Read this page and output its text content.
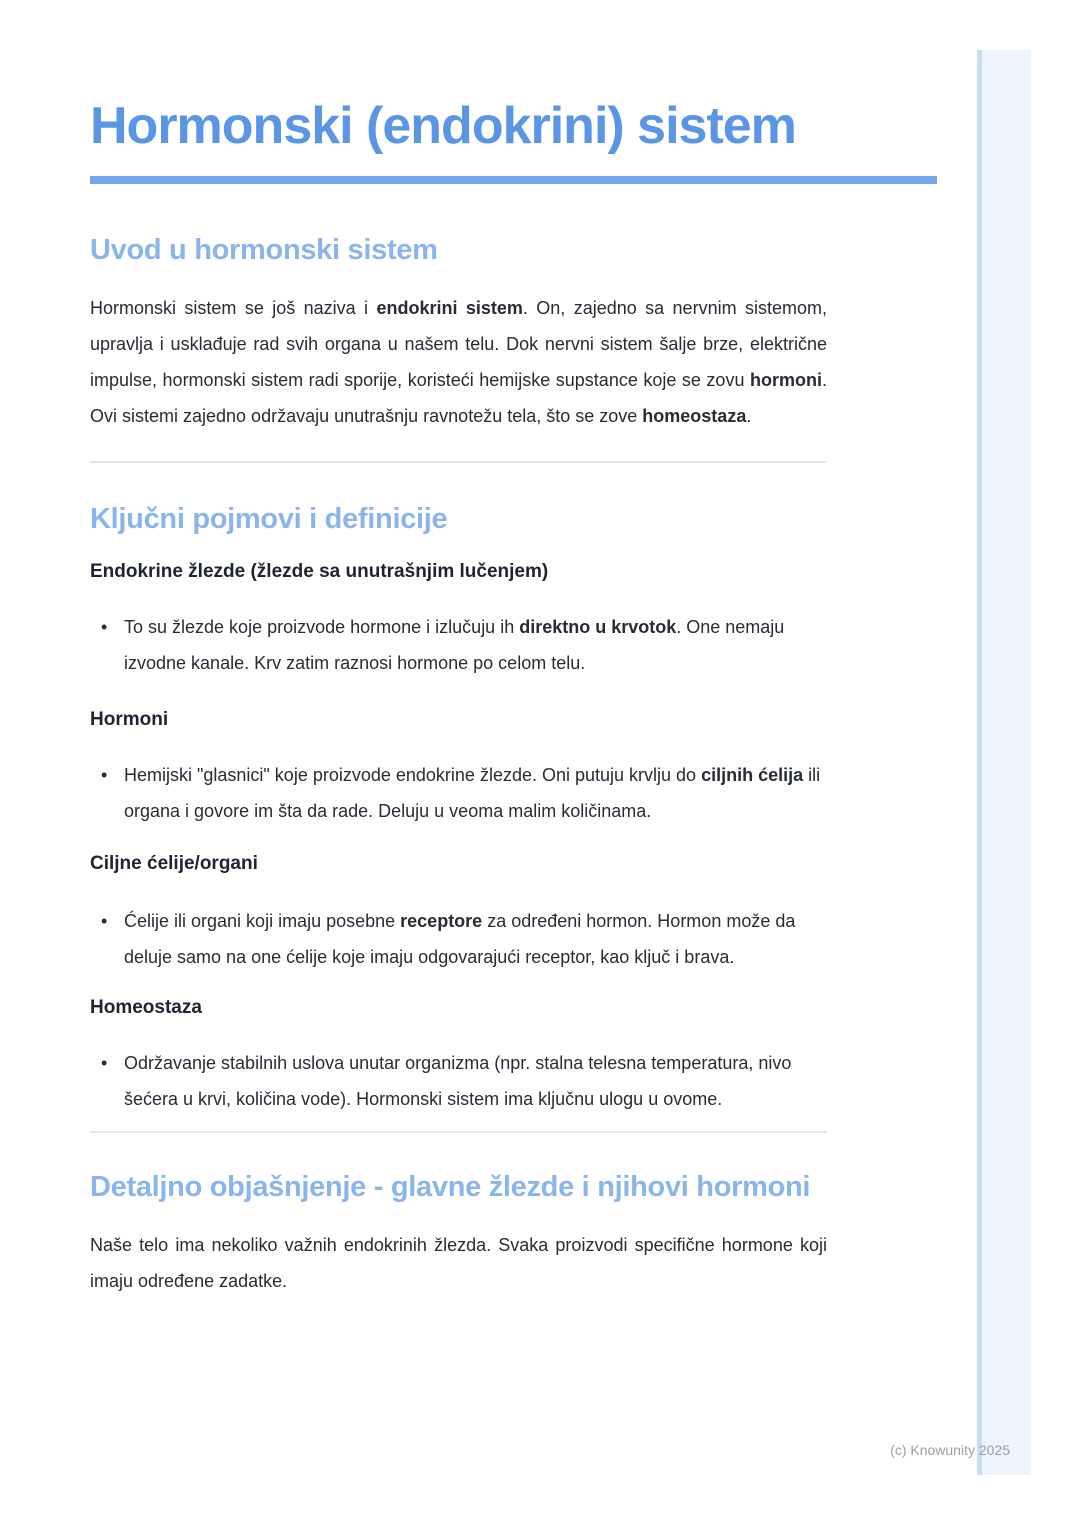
Hormonski (endokrini) sistem
Uvod u hormonski sistem

Hormonski sistem se još naziva i endokrini sistem. On, zajedno sa nervnim sistemom, upravlja i usklađuje rad svih organa u našem telu. Dok nervni sistem šalje brze, električne impulse, hormonski sistem radi sporije, koristeći hemijske supstance koje se zovu hormoni. Ovi sistemi zajedno održavaju unutrašnju ravnotežu tela, što se zove homeostaza.

Ključni pojmovi i definicije
Endokrine žlezde (žlezde sa unutrašnjim lučenjem)
• To su žlezde koje proizvode hormone i izlučuju ih direktno u krvotok. One nemaju izvodne kanale. Krv zatim raznosi hormone po celom telu.

Hormoni
• Hemijski "glasnici" koje proizvode endokrine žlezde. Oni putuju krvlju do ciljnih ćelija ili organa i govore im šta da rade. Deluju u veoma malim količinama.

Ciljne ćelije/organi
• Ćelije ili organi koji imaju posebne receptore za određeni hormon. Hormon može da deluje samo na one ćelije koje imaju odgovarajući receptor, kao ključ i brava.

Homeostaza
• Održavanje stabilnih uslova unutar organizma (npr. stalna telesna temperatura, nivo šećera u krvi, količina vode). Hormonski sistem ima ključnu ulogu u ovome.

Detaljno objašnjenje - glavne žlezde i njihovi hormoni

Naše telo ima nekoliko važnih endokrinih žlezda. Svaka proizvodi specifične hormone koji imaju određene zadatke.

(c) Knowunity 2025
